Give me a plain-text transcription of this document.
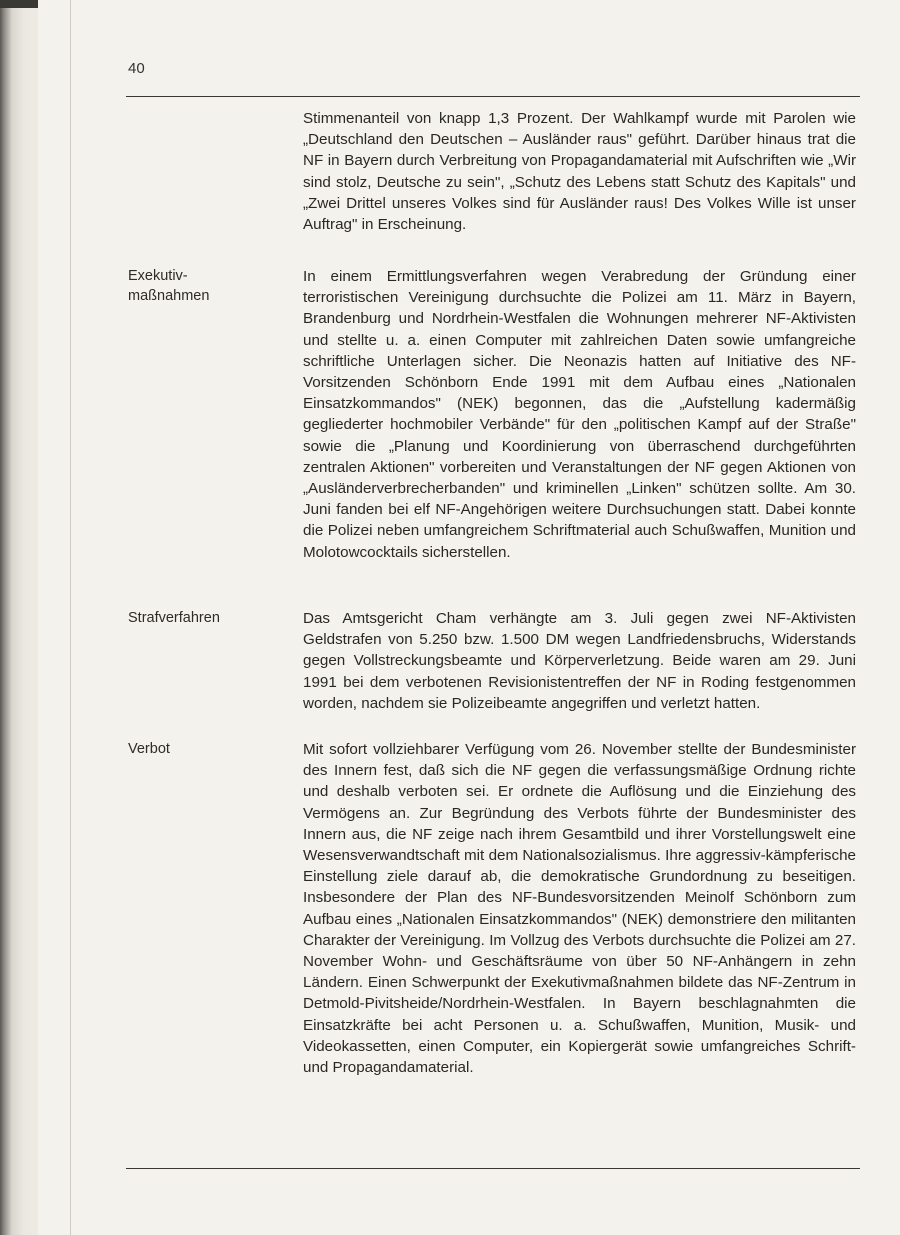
40
Stimmenanteil von knapp 1,3 Prozent. Der Wahlkampf wurde mit Parolen wie „Deutschland den Deutschen – Ausländer raus" geführt. Darüber hinaus trat die NF in Bayern durch Verbreitung von Propagandamaterial mit Aufschriften wie „Wir sind stolz, Deutsche zu sein", „Schutz des Lebens statt Schutz des Kapitals" und „Zwei Drittel unseres Volkes sind für Ausländer raus! Des Volkes Wille ist unser Auftrag" in Erscheinung.
Exekutiv-
maßnahmen
In einem Ermittlungsverfahren wegen Verabredung der Gründung einer terroristischen Vereinigung durchsuchte die Polizei am 11. März in Bayern, Brandenburg und Nordrhein-Westfalen die Wohnungen mehrerer NF-Aktivisten und stellte u. a. einen Computer mit zahlreichen Daten sowie umfangreiche schriftliche Unterlagen sicher. Die Neonazis hatten auf Initiative des NF-Vorsitzenden Schönborn Ende 1991 mit dem Aufbau eines „Nationalen Einsatzkommandos" (NEK) begonnen, das die „Aufstellung kadermäßig gegliederter hochmobiler Verbände" für den „politischen Kampf auf der Straße" sowie die „Planung und Koordinierung von überraschend durchgeführten zentralen Aktionen" vorbereiten und Veranstaltungen der NF gegen Aktionen von „Ausländerverbrecherbanden" und kriminellen „Linken" schützen sollte. Am 30. Juni fanden bei elf NF-Angehörigen weitere Durchsuchungen statt. Dabei konnte die Polizei neben umfangreichem Schriftmaterial auch Schußwaffen, Munition und Molotowcocktails sicherstellen.
Strafverfahren	Das Amtsgericht Cham verhängte am 3. Juli gegen zwei NF-Aktivisten Geldstrafen von 5.250 bzw. 1.500 DM wegen Landfriedensbruchs, Widerstands gegen Vollstreckungsbeamte und Körperverletzung. Beide waren am 29. Juni 1991 bei dem verbotenen Revisionistentreffen der NF in Roding festgenommen worden, nachdem sie Polizeibeamte angegriffen und verletzt hatten.
Verbot	Mit sofort vollziehbarer Verfügung vom 26. November stellte der Bundesminister des Innern fest, daß sich die NF gegen die verfassungsmäßige Ordnung richte und deshalb verboten sei. Er ordnete die Auflösung und die Einziehung des Vermögens an. Zur Begründung des Verbots führte der Bundesminister des Innern aus, die NF zeige nach ihrem Gesamtbild und ihrer Vorstellungswelt eine Wesensverwandtschaft mit dem Nationalsozialismus. Ihre aggressiv-kämpferische Einstellung ziele darauf ab, die demokratische Grundordnung zu beseitigen. Insbesondere der Plan des NF-Bundesvorsitzenden Meinolf Schönborn zum Aufbau eines „Nationalen Einsatzkommandos" (NEK) demonstriere den militanten Charakter der Vereinigung. Im Vollzug des Verbots durchsuchte die Polizei am 27. November Wohn- und Geschäftsräume von über 50 NF-Anhängern in zehn Ländern. Einen Schwerpunkt der Exekutivmaßnahmen bildete das NF-Zentrum in Detmold-Pivitsheide/Nordrhein-Westfalen. In Bayern beschlagnahmten die Einsatzkräfte bei acht Personen u. a. Schußwaffen, Munition, Musik- und Videokassetten, einen Computer, ein Kopiergerät sowie umfangreiches Schrift- und Propagandamaterial.
